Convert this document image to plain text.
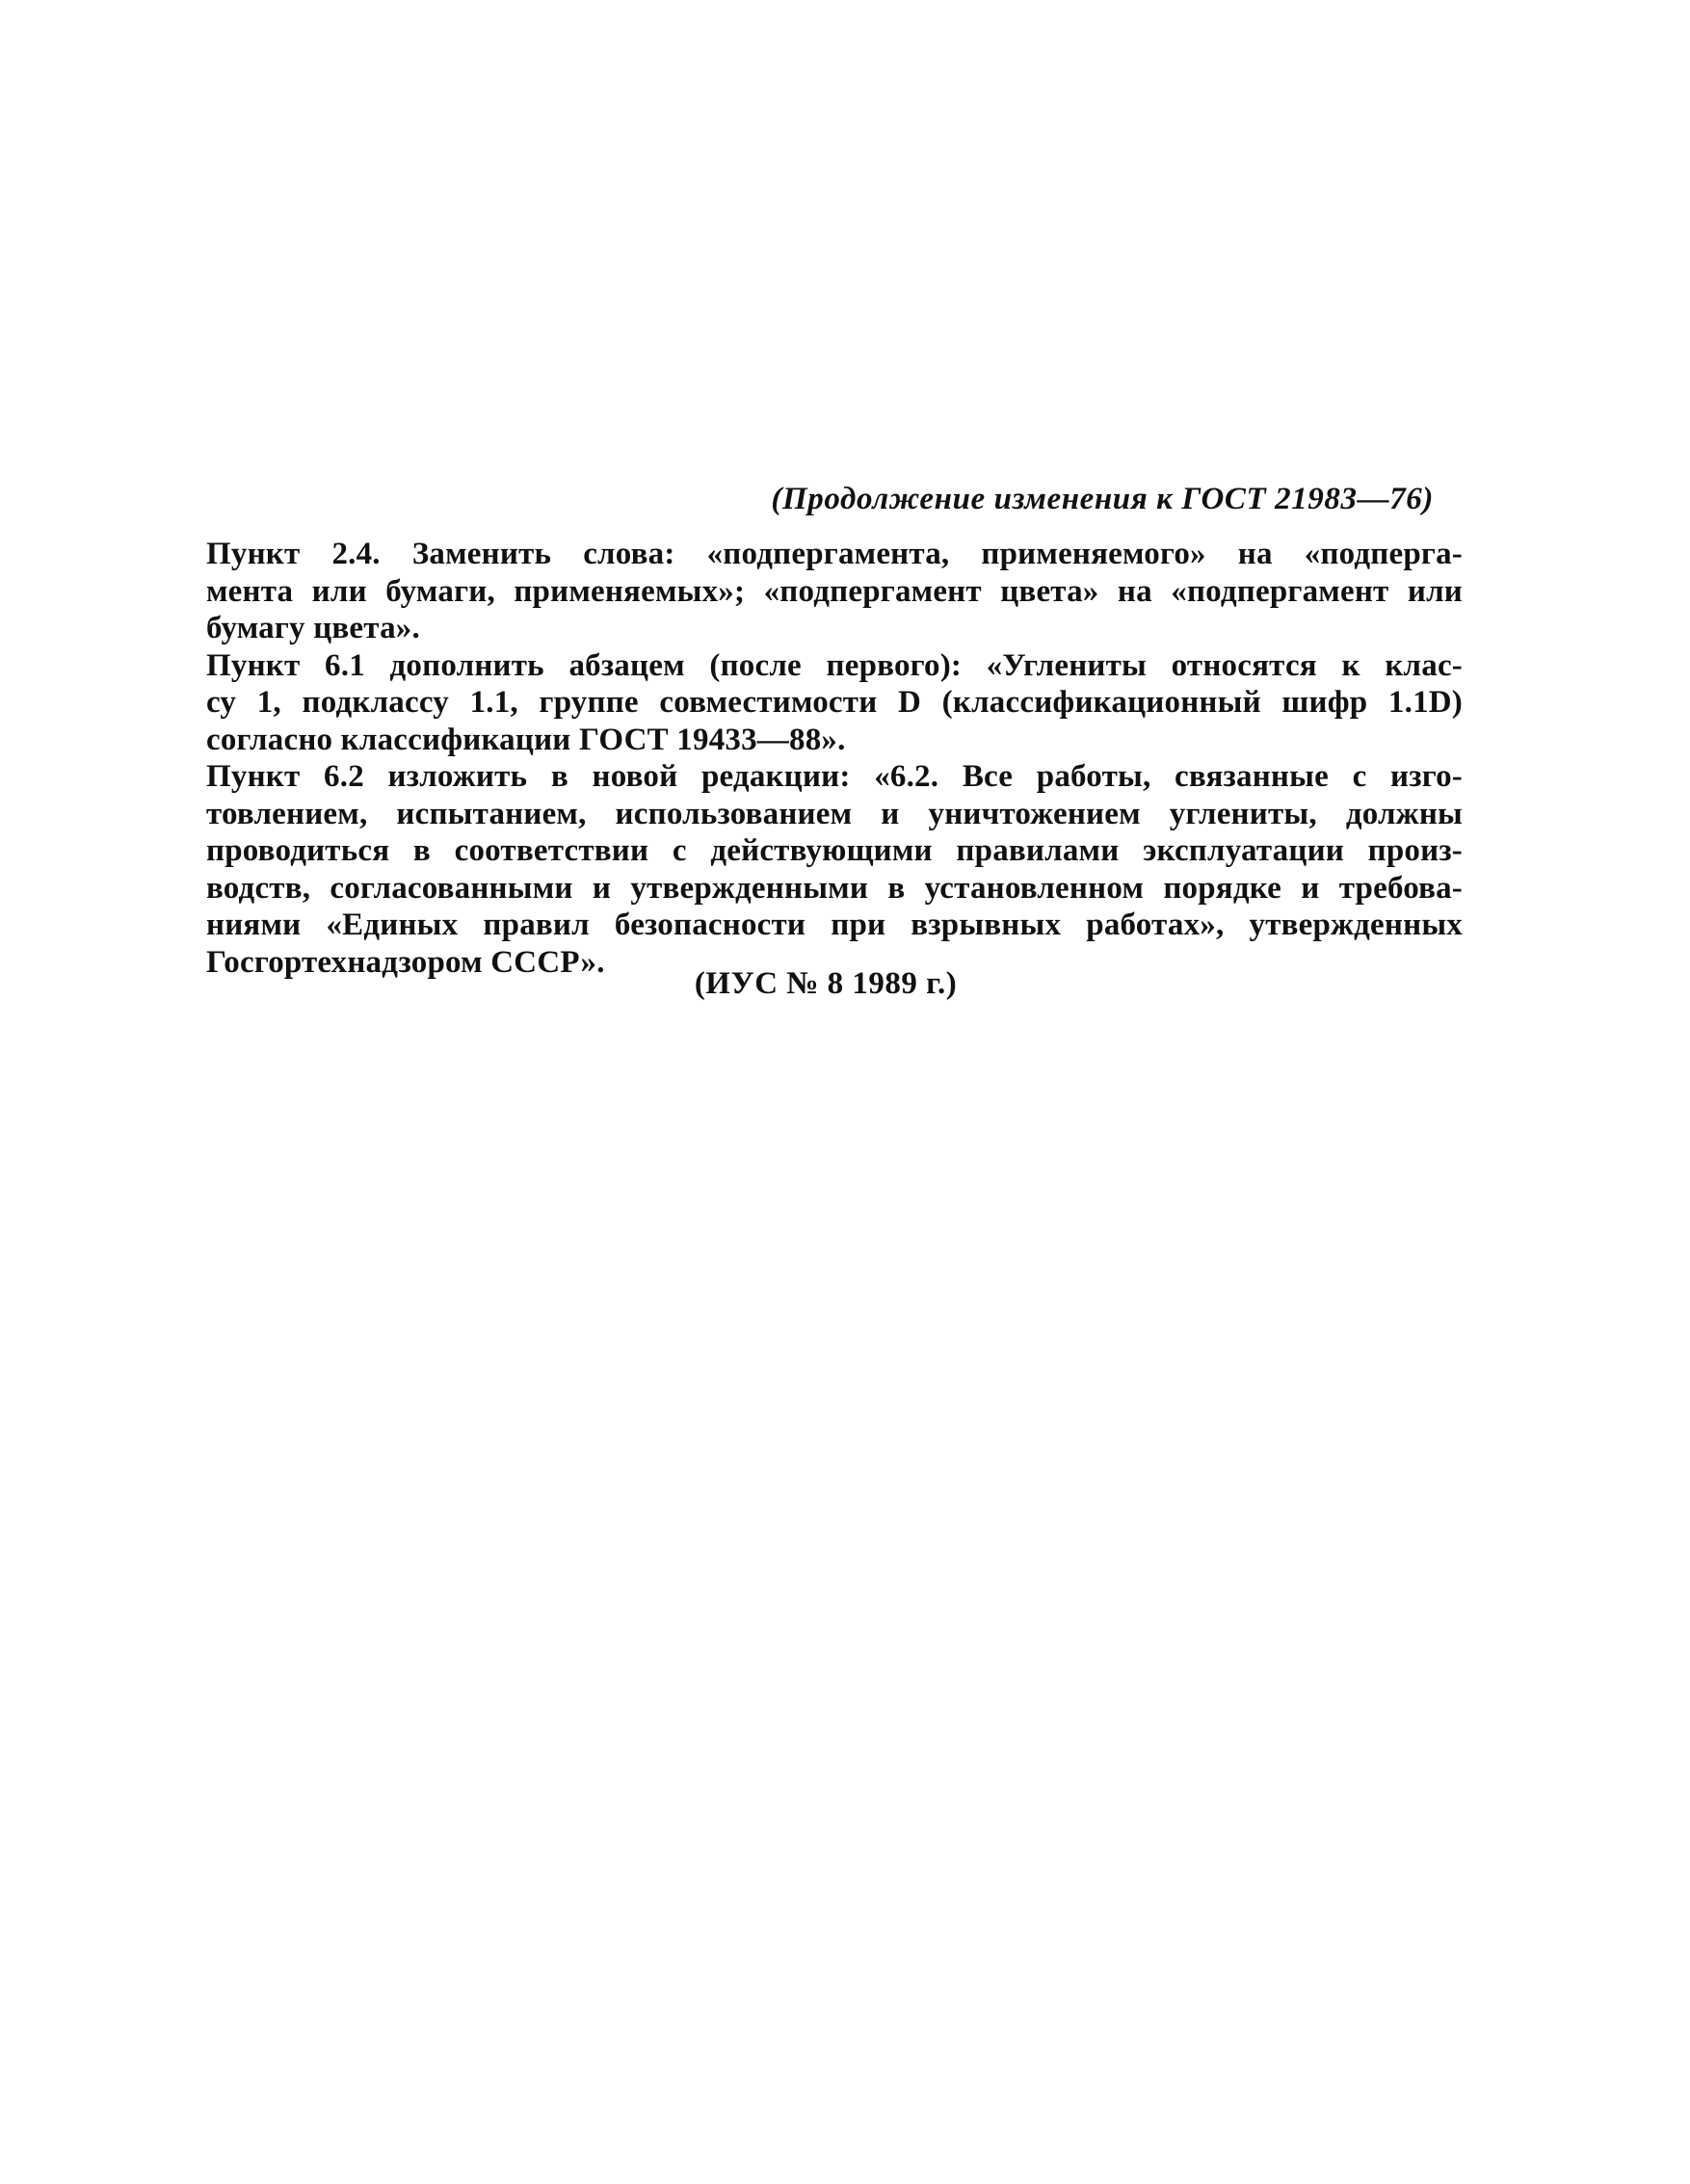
(Продолжение изменения к ГОСТ 21983—76)

Пункт 2.4. Заменить слова: «подпергамента, применяемого» на «подперга-
мента или бумаги, применяемых»; «подпергамент цвета» на «подпергамент или
бумагу цвета».

Пункт 6.1 дополнить абзацем (после первого): «Углениты относятся к клас-
су 1, подклассу 1.1, группе совместимости D (классификационный шифр 1.1D)
согласно классификации ГОСТ 19433—88».

Пункт 6.2 изложить в новой редакции: «6.2. Все работы, связанные с изго-
товлением, испытанием, использованием и уничтожением углениты, должны
проводиться в соответствии с действующими правилами эксплуатации произ-
водств, согласованными и утвержденными в установленном порядке и требова-
ниями «Единых правил безопасности при взрывных работах», утвержденных
Госгортехнадзором СССР».

(ИУС № 8 1989 г.)
